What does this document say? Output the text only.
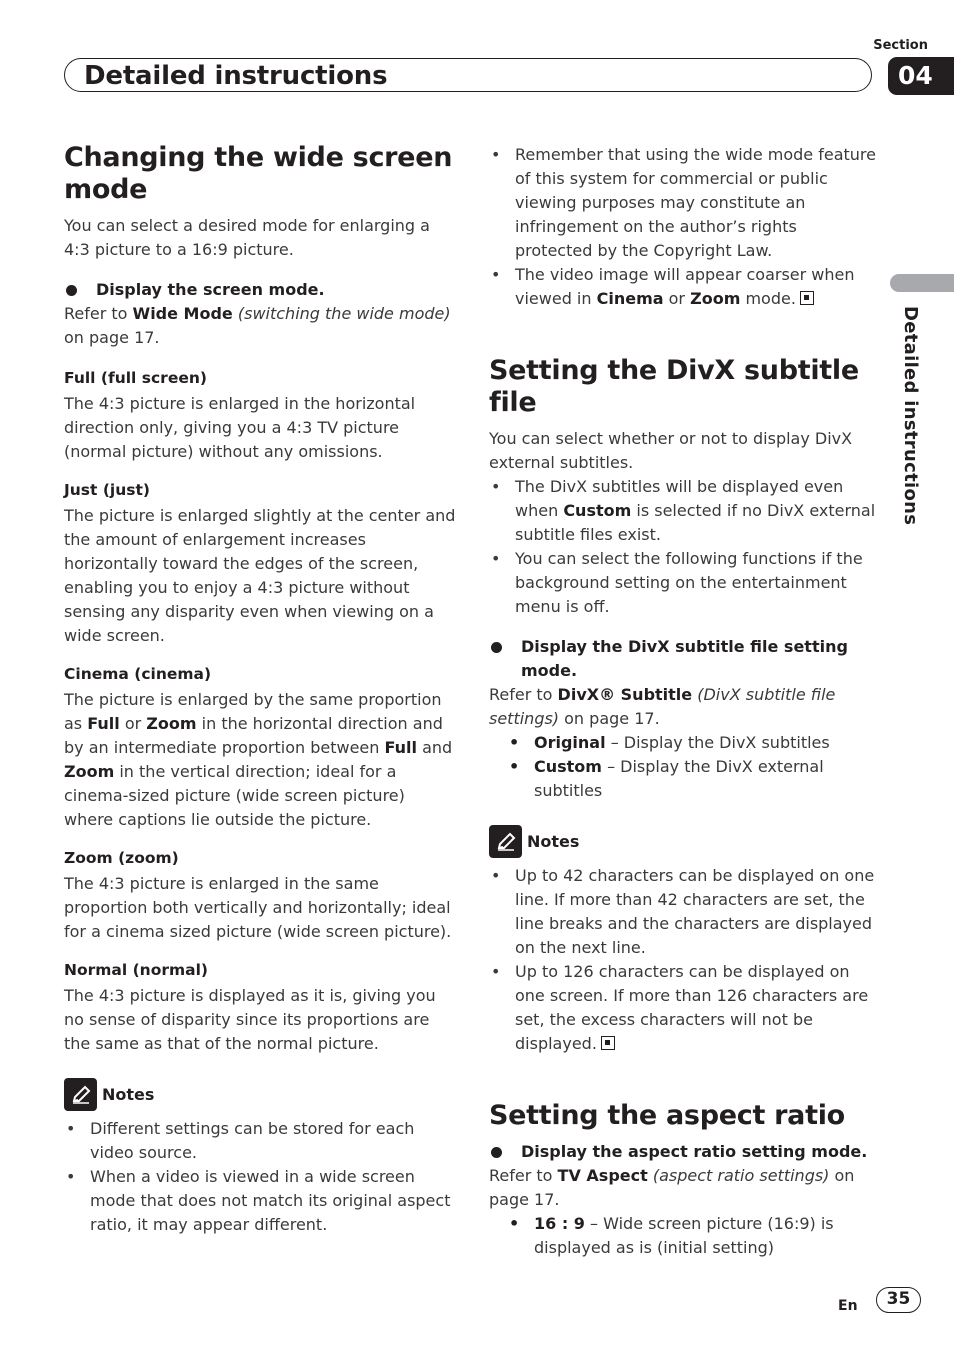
Detailed instructions
Section
04
Detailed instructions
Changing the wide screen mode

You can select a desired mode for enlarging a 4:3 picture to a 16:9 picture.

Display the screen mode.

Refer to Wide Mode (switching the wide mode) on page 17.

Full (full screen)

The 4:3 picture is enlarged in the horizontal direction only, giving you a 4:3 TV picture (normal picture) without any omissions.

Just (just)

The picture is enlarged slightly at the center and the amount of enlargement increases horizontally toward the edges of the screen, enabling you to enjoy a 4:3 picture without sensing any disparity even when viewing on a wide screen.

Cinema (cinema)

The picture is enlarged by the same proportion as Full or Zoom in the horizontal direction and by an intermediate proportion between Full and Zoom in the vertical direction; ideal for a cinema-sized picture (wide screen picture) where captions lie outside the picture.

Zoom (zoom)

The 4:3 picture is enlarged in the same proportion both vertically and horizontally; ideal for a cinema sized picture (wide screen picture).

Normal (normal)

The 4:3 picture is displayed as it is, giving you no sense of disparity since its proportions are the same as that of the normal picture.

Notes

• Different settings can be stored for each video source.

• When a video is viewed in a wide screen mode that does not match its original aspect ratio, it may appear different.

• Remember that using the wide mode feature of this system for commercial or public viewing purposes may constitute an infringement on the author’s rights protected by the Copyright Law.

• The video image will appear coarser when viewed in Cinema or Zoom mode.

Setting the DivX subtitle file

You can select whether or not to display DivX external subtitles.

• The DivX subtitles will be displayed even when Custom is selected if no DivX external subtitle files exist.

• You can select the following functions if the background setting on the entertainment menu is off.

Display the DivX subtitle file setting mode.

Refer to DivX® Subtitle (DivX subtitle file settings) on page 17.

• Original – Display the DivX subtitles

• Custom – Display the DivX external subtitles

Notes

• Up to 42 characters can be displayed on one line. If more than 42 characters are set, the line breaks and the characters are displayed on the next line.

• Up to 126 characters can be displayed on one screen. If more than 126 characters are set, the excess characters will not be displayed.

Setting the aspect ratio

Display the aspect ratio setting mode.

Refer to TV Aspect (aspect ratio settings) on page 17.

• 16 : 9 – Wide screen picture (16:9) is displayed as is (initial setting)

En	35
